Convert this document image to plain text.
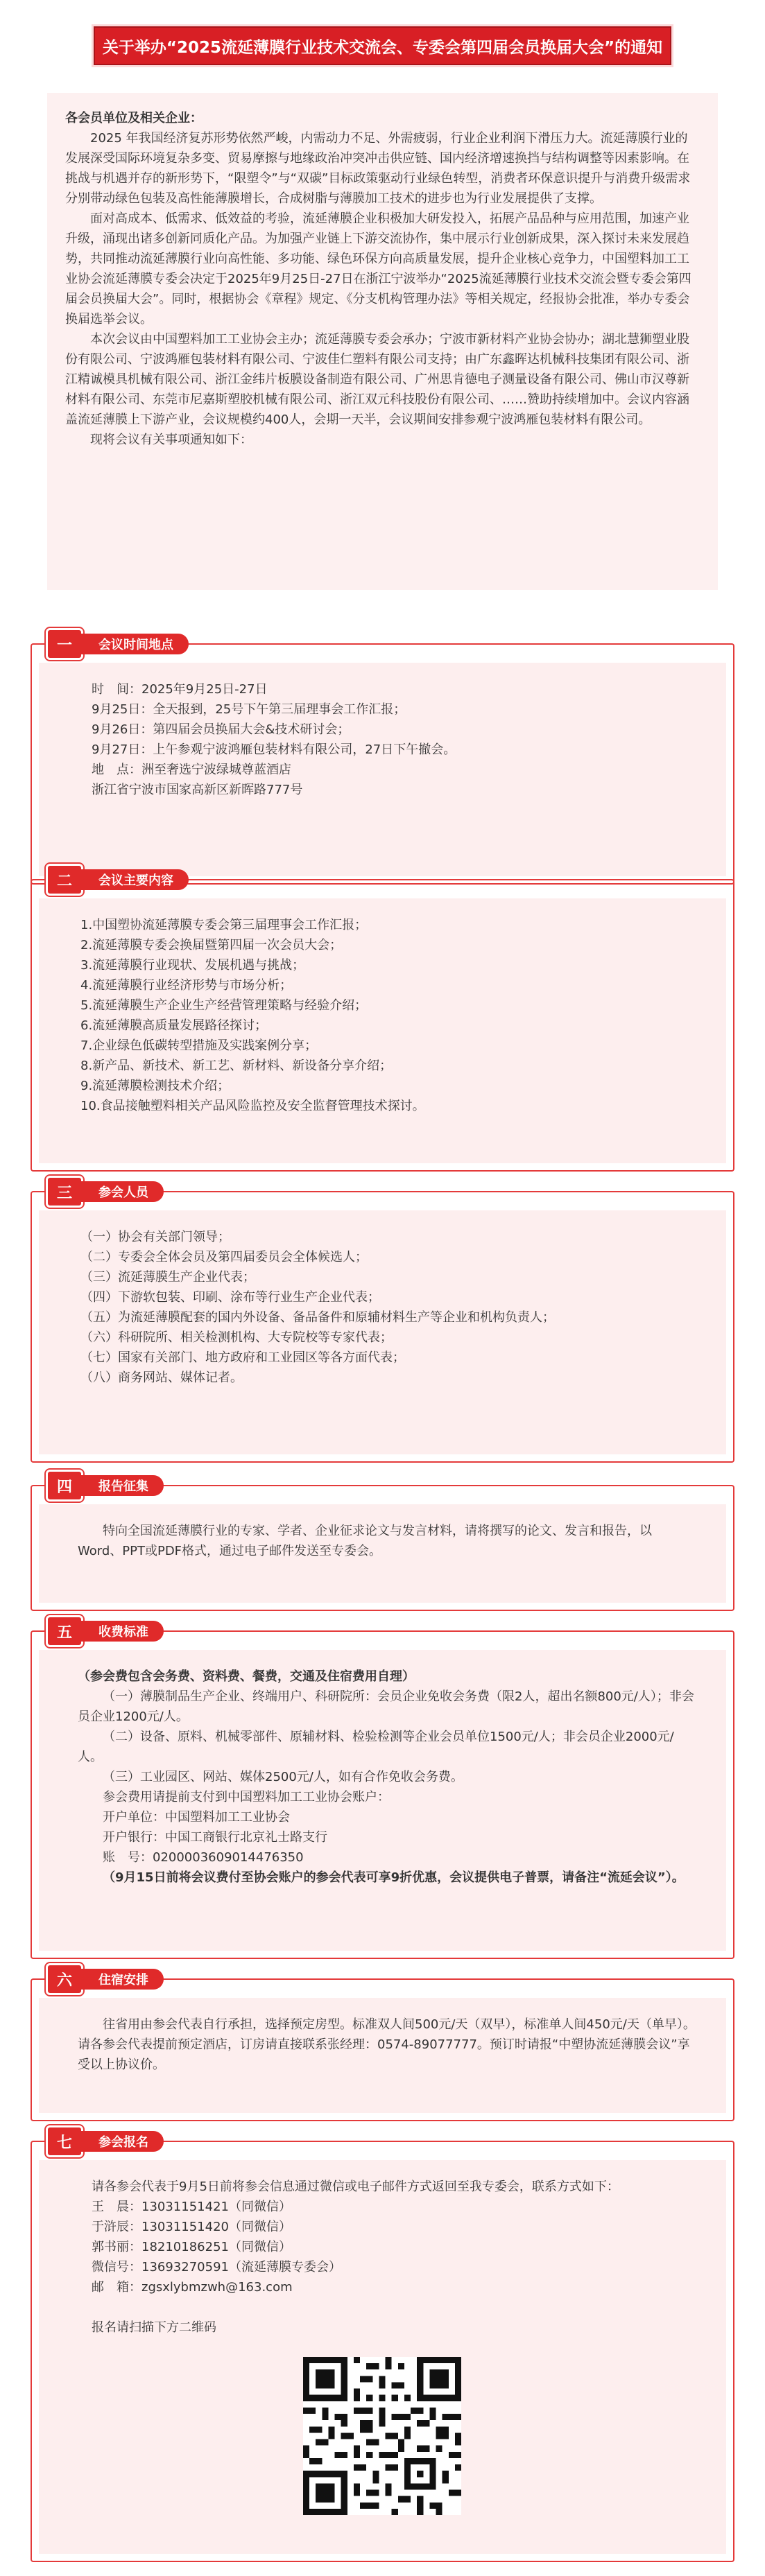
关于举办“2025流延薄膜行业技术交流会、专委会第四届会员换届大会”的通知

各会员单位及相关企业：

2025 年我国经济复苏形势依然严峻，内需动力不足、外需疲弱，行业企业利润下滑压力大。流延薄膜行业的发展深受国际环境复杂多变、贸易摩擦与地缘政治冲突冲击供应链、国内经济增速换挡与结构调整等因素影响。在挑战与机遇并存的新形势下，“限塑令”与“双碳”目标政策驱动行业绿色转型，消费者环保意识提升与消费升级需求分别带动绿色包装及高性能薄膜增长，合成树脂与薄膜加工技术的进步也为行业发展提供了支撑。

面对高成本、低需求、低效益的考验，流延薄膜企业积极加大研发投入，拓展产品品种与应用范围，加速产业升级，涌现出诸多创新同质化产品。为加强产业链上下游交流协作，集中展示行业创新成果，深入探讨未来发展趋势，共同推动流延薄膜行业向高性能、多功能、绿色环保方向高质量发展，提升企业核心竞争力，中国塑料加工工业协会流延薄膜专委会决定于2025年9月25日-27日在浙江宁波举办“2025流延薄膜行业技术交流会暨专委会第四届会员换届大会”。同时，根据协会《章程》规定、《分支机构管理办法》等相关规定，经报协会批准，举办专委会换届选举会议。

本次会议由中国塑料加工工业协会主办；流延薄膜专委会承办；宁波市新材料产业协会协办；湖北慧狮塑业股份有限公司、宁波鸿雁包装材料有限公司、宁波佳仁塑料有限公司支持；由广东鑫晖达机械科技集团有限公司、浙江精诚模具机械有限公司、浙江金纬片板膜设备制造有限公司、广州思肯德电子测量设备有限公司、佛山市汉尊新材料有限公司、东莞市尼嘉斯塑胶机械有限公司、浙江双元科技股份有限公司、……赞助持续增加中。会议内容涵盖流延薄膜上下游产业，会议规模约400人，会期一天半，会议期间安排参观宁波鸿雁包装材料有限公司。

现将会议有关事项通知如下：

时　间：2025年9月25日-27日

9月25日：全天报到，25号下午第三届理事会工作汇报；

9月26日：第四届会员换届大会&技术研讨会；

9月27日：上午参观宁波鸿雁包装材料有限公司，27日下午撤会。

地　点：洲至奢选宁波绿城尊蓝酒店

浙江省宁波市国家高新区新晖路777号

一	会议时间地点

1.中国塑协流延薄膜专委会第三届理事会工作汇报；

2.流延薄膜专委会换届暨第四届一次会员大会；

3.流延薄膜行业现状、发展机遇与挑战；

4.流延薄膜行业经济形势与市场分析；

5.流延薄膜生产企业生产经营管理策略与经验介绍；

6.流延薄膜高质量发展路径探讨；

7.企业绿色低碳转型措施及实践案例分享；

8.新产品、新技术、新工艺、新材料、新设备分享介绍；

9.流延薄膜检测技术介绍；

10.食品接触塑料相关产品风险监控及安全监督管理技术探讨。

二	会议主要内容

（一）协会有关部门领导；

（二）专委会全体会员及第四届委员会全体候选人；

（三）流延薄膜生产企业代表；

（四）下游软包装、印刷、涂布等行业生产企业代表；

（五）为流延薄膜配套的国内外设备、备品备件和原辅材料生产等企业和机构负责人；

（六）科研院所、相关检测机构、大专院校等专家代表；

（七）国家有关部门、地方政府和工业园区等各方面代表；

（八）商务网站、媒体记者。

三	参会人员

特向全国流延薄膜行业的专家、学者、企业征求论文与发言材料，请将撰写的论文、发言和报告，以Word、PPT或PDF格式，通过电子邮件发送至专委会。

四	报告征集

（参会费包含会务费、资料费、餐费，交通及住宿费用自理）

（一）薄膜制品生产企业、终端用户、科研院所：会员企业免收会务费（限2人，超出名额800元/人）；非会员企业1200元/人。

（二）设备、原料、机械零部件、原辅材料、检验检测等企业会员单位1500元/人；非会员企业2000元/人。

（三）工业园区、网站、媒体2500元/人，如有合作免收会务费。

参会费用请提前支付到中国塑料加工工业协会账户：

开户单位：中国塑料加工工业协会

开户银行：中国工商银行北京礼士路支行

账　号：0200003609014476350

（9月15日前将会议费付至协会账户的参会代表可享9折优惠，会议提供电子普票，请备注“流延会议”）。

五	收费标准

往省用由参会代表自行承担，选择预定房型。标准双人间500元/天（双早），标准单人间450元/天（单早）。请各参会代表提前预定酒店，订房请直接联系张经理：0574-89077777。预订时请报“中塑协流延薄膜会议”享受以上协议价。

六	住宿安排

请各参会代表于9月5日前将参会信息通过微信或电子邮件方式返回至我专委会，联系方式如下：

王　晨：13031151421（同微信）

于浒辰：13031151420（同微信）

郭书丽：18210186251（同微信）

微信号：13693270591（流延薄膜专委会）

邮　箱：zgsxlybmzwh@163.com

报名请扫描下方二维码

七	参会报名
